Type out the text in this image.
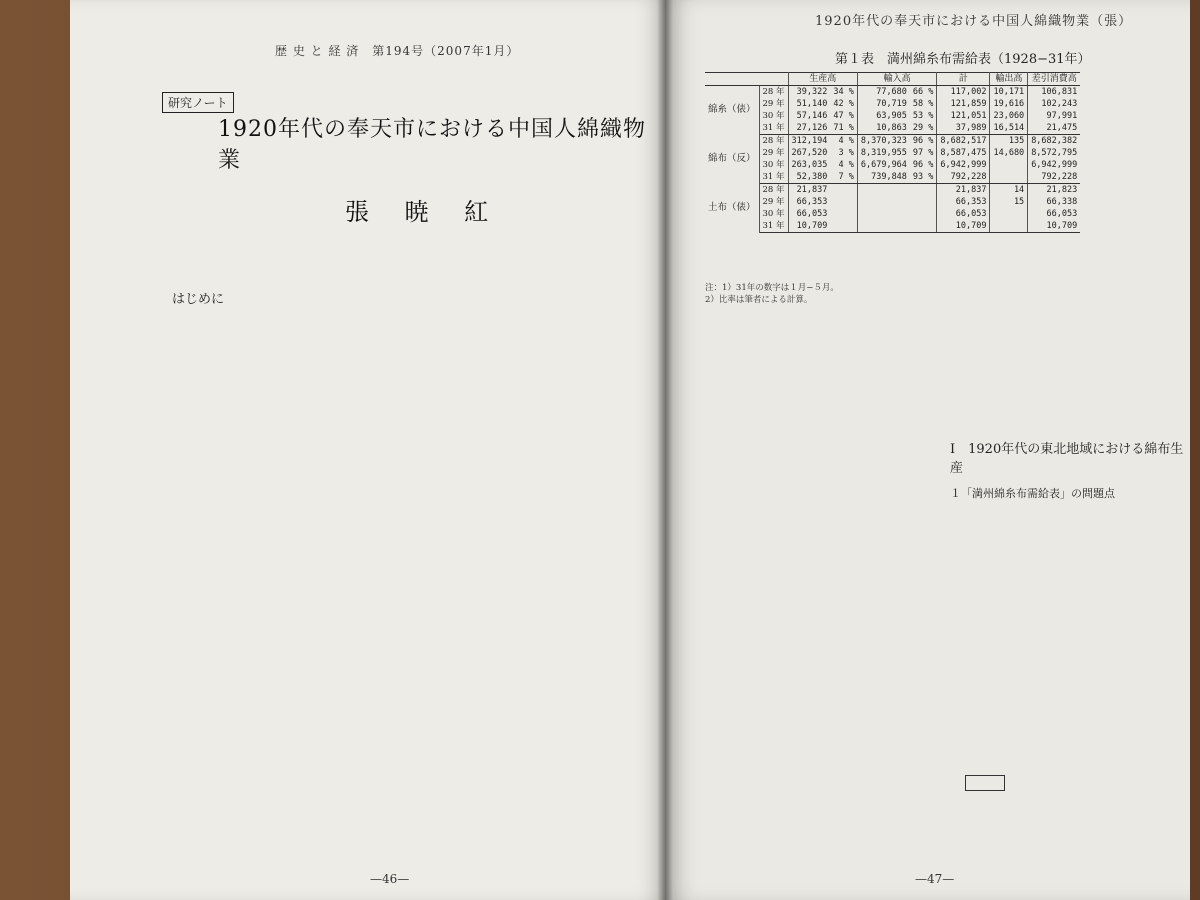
歴 史 と 経 済　第194号（2007年1月）
研究ノート
1920年代の奉天市における中国人綿織物業
張 暁 紅
はじめに
—46—
1920年代の奉天市における中国人綿織物業（張）
第１表　満州綿糸布需給表（1928−31年）
		生産高		輸入高		計	輸出高	差引消費高
綿糸（俵）	28 年	39,322	34 %	77,680	66 %	117,002	10,171	106,831
	29 年	51,140	42 %	70,719	58 %	121,859	19,616	102,243
	30 年	57,146	47 %	63,905	53 %	121,051	23,060	97,991
	31 年	27,126	71 %	10,863	29 %	37,989	16,514	21,475
綿布（反）	28 年	312,194	4 %	8,370,323	96 %	8,682,517	135	8,682,382
	29 年	267,520	3 %	8,319,955	97 %	8,587,475	14,680	8,572,795
	30 年	263,035	4 %	6,679,964	96 %	6,942,999		6,942,999
	31 年	52,380	7 %	739,848	93 %	792,228		792,228
土布（俵）	28 年	21,837				21,837	14	21,823
	29 年	66,353				66,353	15	66,338
	30 年	66,053				66,053		66,053
	31 年	10,709				10,709		10,709
注：1）31年の数字は１月−５月。
2）比率は筆者による計算。
Ⅰ　1920年代の東北地域における綿布生産
１「満州綿糸布需給表」の問題点
—47—
